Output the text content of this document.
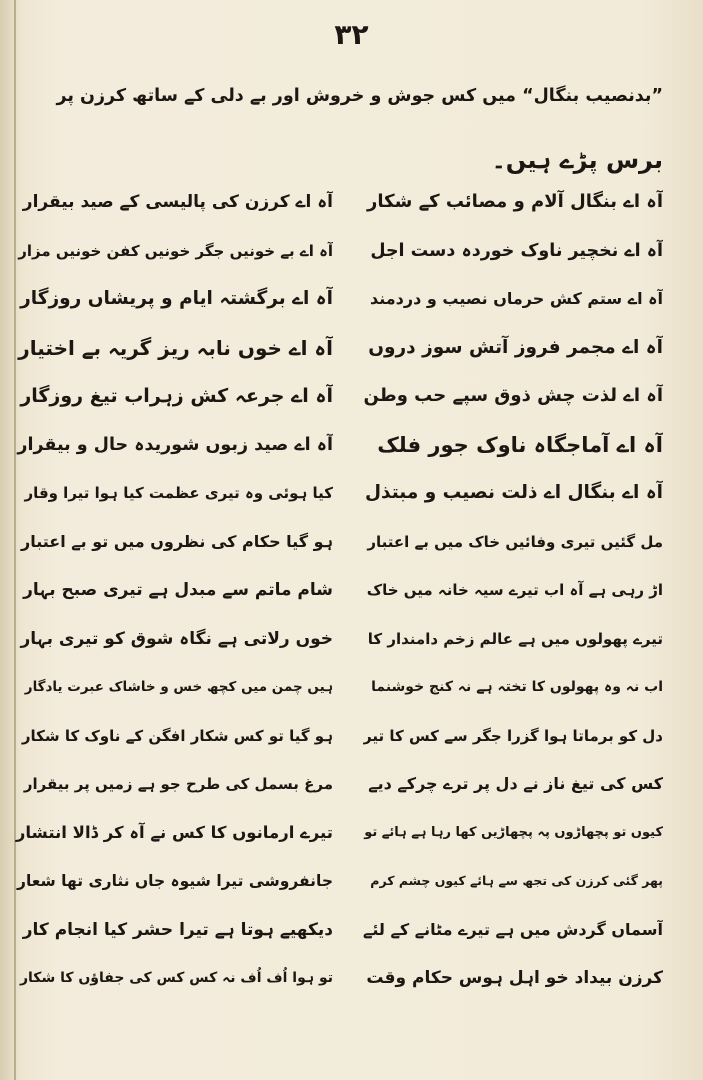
۳۲
”بدنصیب بنگال“ میں کس جوش و خروش اور بے دلی کے ساتھ کرزن پر
برس پڑے ہیں۔
آہ اے بنگال آلام و مصائب کے شکار
آہ اے نخچیر ناوک خوردہ دست اجل
آہ اے ستم کش حرماں نصیب و دردمند
آہ اے مجمر فروز آتش سوز دروں
آہ اے لذت چش ذوق سپے حب وطن
آہ اے آماجگاہ ناوک جور فلک
آہ اے بنگال اے ذلت نصیب و مبتذل
مل گئیں تیری وفائیں خاک میں بے اعتبار
اڑ رہی ہے آہ اب تیرے سیہ خانہ میں خاک
تیرے پھولوں میں ہے عالم زخم دامندار کا
اب نہ وہ پھولوں کا تختہ ہے نہ کنج خوشنما
دل کو برماتا ہوا گزرا جگر سے کس کا تیر
کس کی تیغ ناز نے دل پر ترے چرکے دیے
کیوں تو پچھاڑوں پہ پچھاڑیں کھا رہا ہے ہائے تو
پھر گئی کرزن کی تجھ سے ہائے کیوں چشم کرم
آسماں گردش میں ہے تیرے مٹانے کے لئے
کرزن بیداد خو اہل ہوس حکام وقت
آہ اے کرزن کی پالیسی کے صید بیقرار
آہ اے بے خونیں جگر خونیں کفن خونیں مزار
آہ اے برگشتہ ایام و پریشاں روزگار
آہ اے خوں نابہ ریز گریہ بے اختیار
آہ اے جرعہ کش زہراب تیغ روزگار
آہ اے صید زبوں شوریدہ حال و بیقرار
کیا ہوئی وہ تیری عظمت کیا ہوا تیرا وقار
ہو گیا حکام کی نظروں میں تو بے اعتبار
شام ماتم سے مبدل ہے تیری صبح بہار
خوں رلاتی ہے نگاہ شوق کو تیری بہار
ہیں چمن میں کچھ خس و خاشاک عبرت یادگار
ہو گیا تو کس شکار افگن کے ناوک کا شکار
مرغ بسمل کی طرح جو ہے زمیں پر بیقرار
تیرے ارمانوں کا کس نے آہ کر ڈالا انتشار
جانفروشی تیرا شیوہ جاں نثاری تھا شعار
دیکھیے ہوتا ہے تیرا حشر کیا انجام کار
تو ہوا اُف اُف نہ کس کس کی جفاؤں کا شکار
